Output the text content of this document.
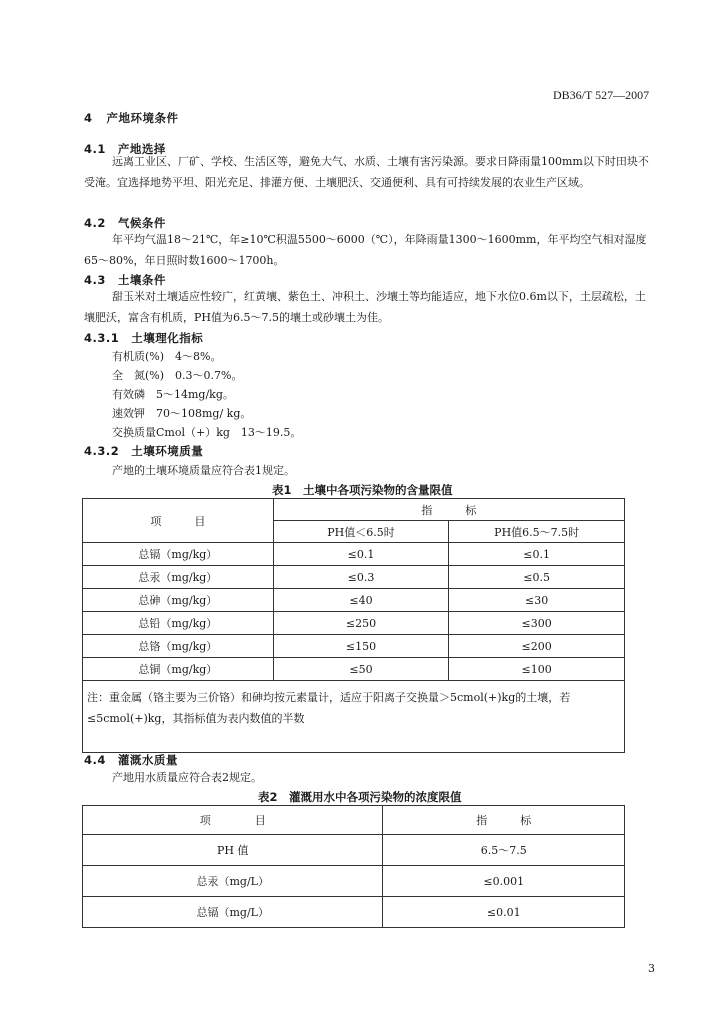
DB36/T 527—2007
4 产地环境条件
4.1 产地选择

远离工业区、厂矿、学校、生活区等，避免大气、水质、土壤有害污染源。要求日降雨量100mm以下时田块不受淹。宜选择地势平坦、阳光充足、排灌方便、土壤肥沃、交通便利、具有可持续发展的农业生产区域。

4.2 气候条件

年平均气温18～21℃，年≥10℃积温5500～6000（℃），年降雨量1300～1600mm，年平均空气相对湿度65～80%，年日照时数1600～1700h。

4.3 土壤条件

甜玉米对土壤适应性较广，红黄壤、紫色土、冲积土、沙壤土等均能适应，地下水位0.6m以下，土层疏松，土壤肥沃，富含有机质，PH值为6.5～7.5的壤土或砂壤土为佳。

4.3.1 土壤理化指标
有机质(%)　4～8%。
全　氮(%)　0.3～0.7%。
有效磷　5～14mg/kg。
速效钾　70～108mg/ kg。
交换质量Cmol（+）kg　13～19.5。
4.3.2 土壤环境质量
产地的土壤环境质量应符合表1规定。
表1　土壤中各项污染物的含量限值
项　　　目	指　　　标	
	PH值＜6.5时	PH值6.5～7.5时
总镉（mg/kg）	≤0.1	≤0.1
总汞（mg/kg）	≤0.3	≤0.5
总砷（mg/kg）	≤40	≤30
总铅（mg/kg）	≤250	≤300
总铬（mg/kg）	≤150	≤200
总铜（mg/kg）	≤50	≤100
注：重金属（铬主要为三价铬）和砷均按元素量计，适应于阳离子交换量＞5cmol(+)kg的土壤，若≤5cmol(+)kg，其指标值为表内数值的半数		
4.4 灌溉水质量
产地用水质量应符合表2规定。
表2　灌溉用水中各项污染物的浓度限值
项　　　　目	指　　　标
PH 值	6.5～7.5
总汞（mg/L）	≤0.001
总镉（mg/L）	≤0.01
3
